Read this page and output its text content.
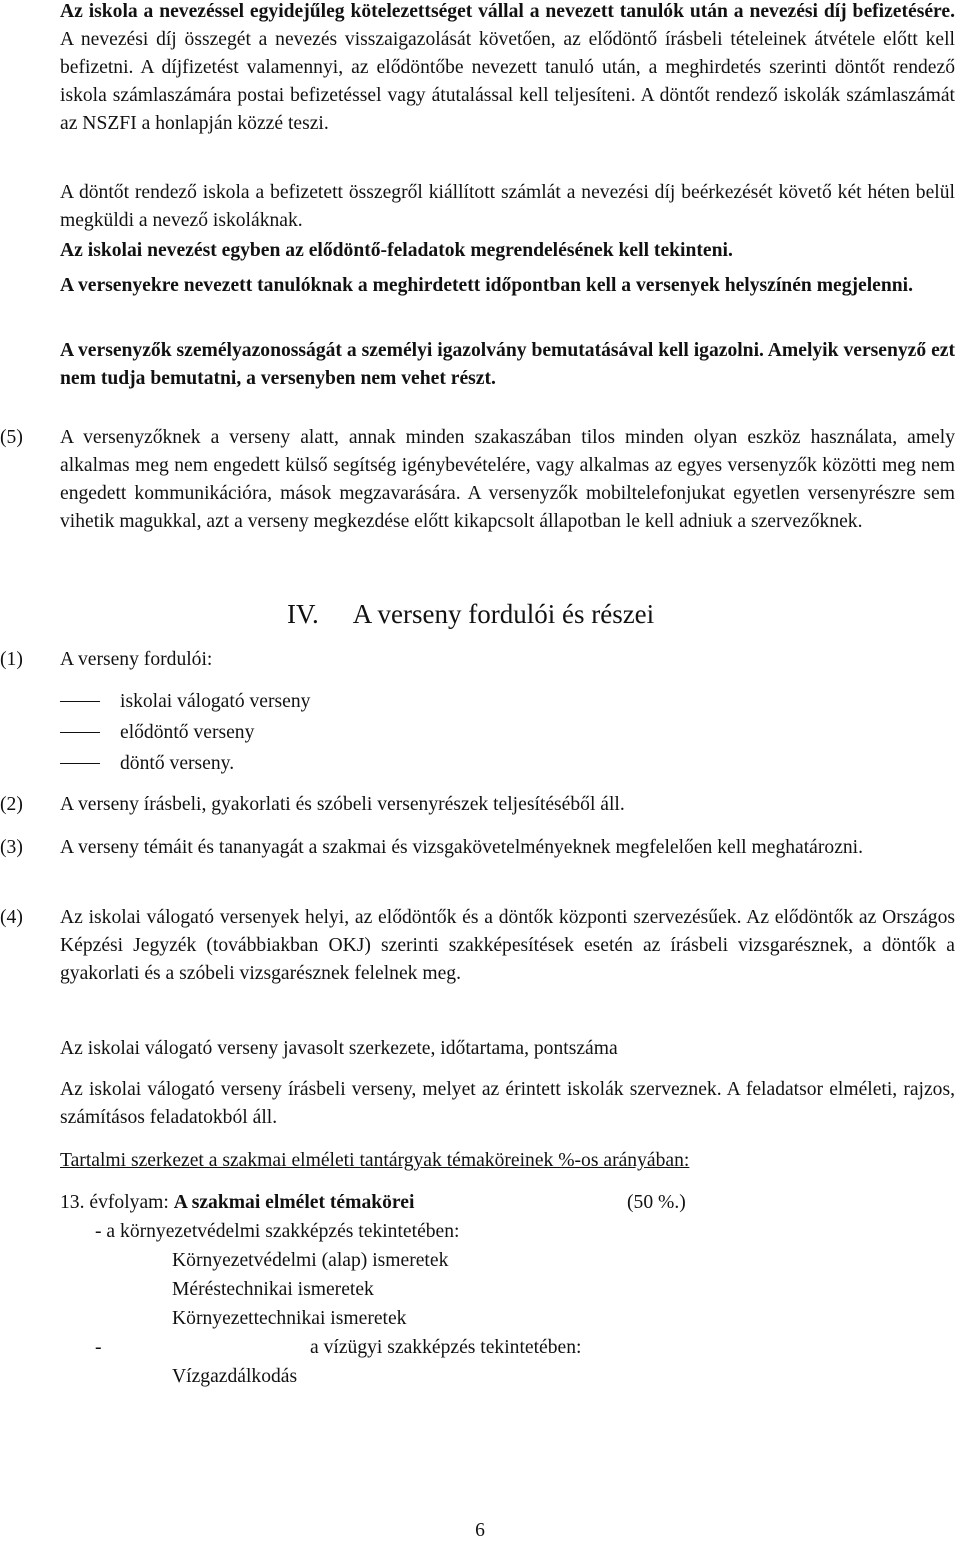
Az iskola a nevezéssel egyidejűleg kötelezettséget vállal a nevezett tanulók után a nevezési díj befizetésére. A nevezési díj összegét a nevezés visszaigazolását követően, az elődöntő írásbeli tételeinek átvétele előtt kell befizetni. A díjfizetést valamennyi, az elődöntőbe nevezett tanuló után, a meghirdetés szerinti döntőt rendező iskola számlaszámára postai befizetéssel vagy átutalással kell teljesíteni. A döntőt rendező iskolák számlaszámát az NSZFI a honlapján közzé teszi.

A döntőt rendező iskola a befizetett összegről kiállított számlát a nevezési díj beérkezését követő két héten belül megküldi a nevező iskoláknak.

Az iskolai nevezést egyben az elődöntő-feladatok megrendelésének kell tekinteni.

A versenyekre nevezett tanulóknak a meghirdetett időpontban kell a versenyek helyszínén megjelenni.

A versenyzők személyazonosságát a személyi igazolvány bemutatásával kell igazolni. Amelyik versenyző ezt nem tudja bemutatni, a versenyben nem vehet részt.

(5)	A versenyzőknek a verseny alatt, annak minden szakaszában tilos minden olyan eszköz használata, amely alkalmas meg nem engedett külső segítség igénybevételére, vagy alkalmas az egyes versenyzők közötti meg nem engedett kommunikációra, mások megzavarására. A versenyzők mobiltelefonjukat egyetlen versenyrészre sem vihetik magukkal, azt a verseny megkezdése előtt kikapcsolt állapotban le kell adniuk a szervezőknek.

IV. A verseny fordulói és részei
(1)	A verseny fordulói:
iskolai válogató verseny
elődöntő verseny
döntő verseny.
(2)	A verseny írásbeli, gyakorlati és szóbeli versenyrészek teljesítéséből áll.

(3)	A verseny témáit és tananyagát a szakmai és vizsgakövetelményeknek megfelelően kell meghatározni.

(4)	Az iskolai válogató versenyek helyi, az elődöntők és a döntők központi szervezésűek. Az elődöntők az Országos Képzési Jegyzék (továbbiakban OKJ) szerinti szakképesítések esetén az írásbeli vizsgarésznek, a döntők a gyakorlati és a szóbeli vizsgarésznek felelnek meg.

Az iskolai válogató verseny javasolt szerkezete, időtartama, pontszáma

Az iskolai válogató verseny írásbeli verseny, melyet az érintett iskolák szerveznek. A feladatsor elméleti, rajzos, számításos feladatokból áll.

Tartalmi szerkezet a szakmai elméleti tantárgyak témaköreinek %-os arányában:

13. évfolyam: A szakmai elmélet témakörei	(50 %.)
- a környezetvédelmi szakképzés tekintetében:
Környezetvédelmi (alap) ismeretek
Méréstechnikai ismeretek
Környezettechnikai ismeretek
-	a vízügyi szakképzés tekintetében:
Vízgazdálkodás
6
